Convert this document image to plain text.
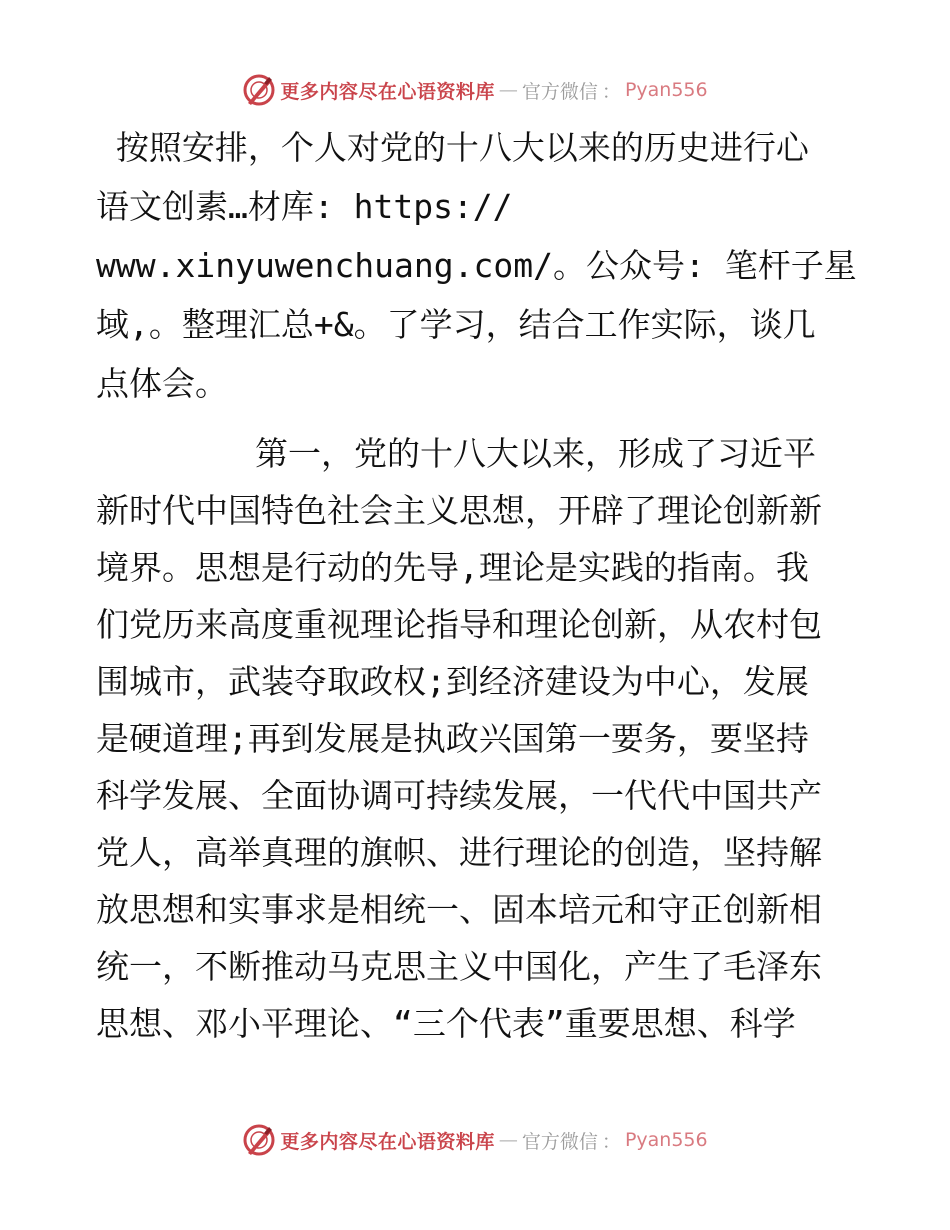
更多内容尽在心语资料库 — 官方微信 ： Pyan556
按照安排，个人对党的十八大以来的历史进行心
语文创素…材库: https://
www.xinyuwenchuang.com/。公众号: 笔杆子星
域,。整理汇总+&。了学习，结合工作实际，谈几
点体会。
第一，党的十八大以来，形成了习近平
新时代中国特色社会主义思想，开辟了理论创新新
境界。思想是行动的先导,理论是实践的指南。我
们党历来高度重视理论指导和理论创新，从农村包
围城市，武装夺取政权;到经济建设为中心，发展
是硬道理;再到发展是执政兴国第一要务，要坚持
科学发展、全面协调可持续发展，一代代中国共产
党人，高举真理的旗帜、进行理论的创造，坚持解
放思想和实事求是相统一、固本培元和守正创新相
统一，不断推动马克思主义中国化，产生了毛泽东
思想、邓小平理论、“三个代表”重要思想、科学
更多内容尽在心语资料库 — 官方微信 ： Pyan556
